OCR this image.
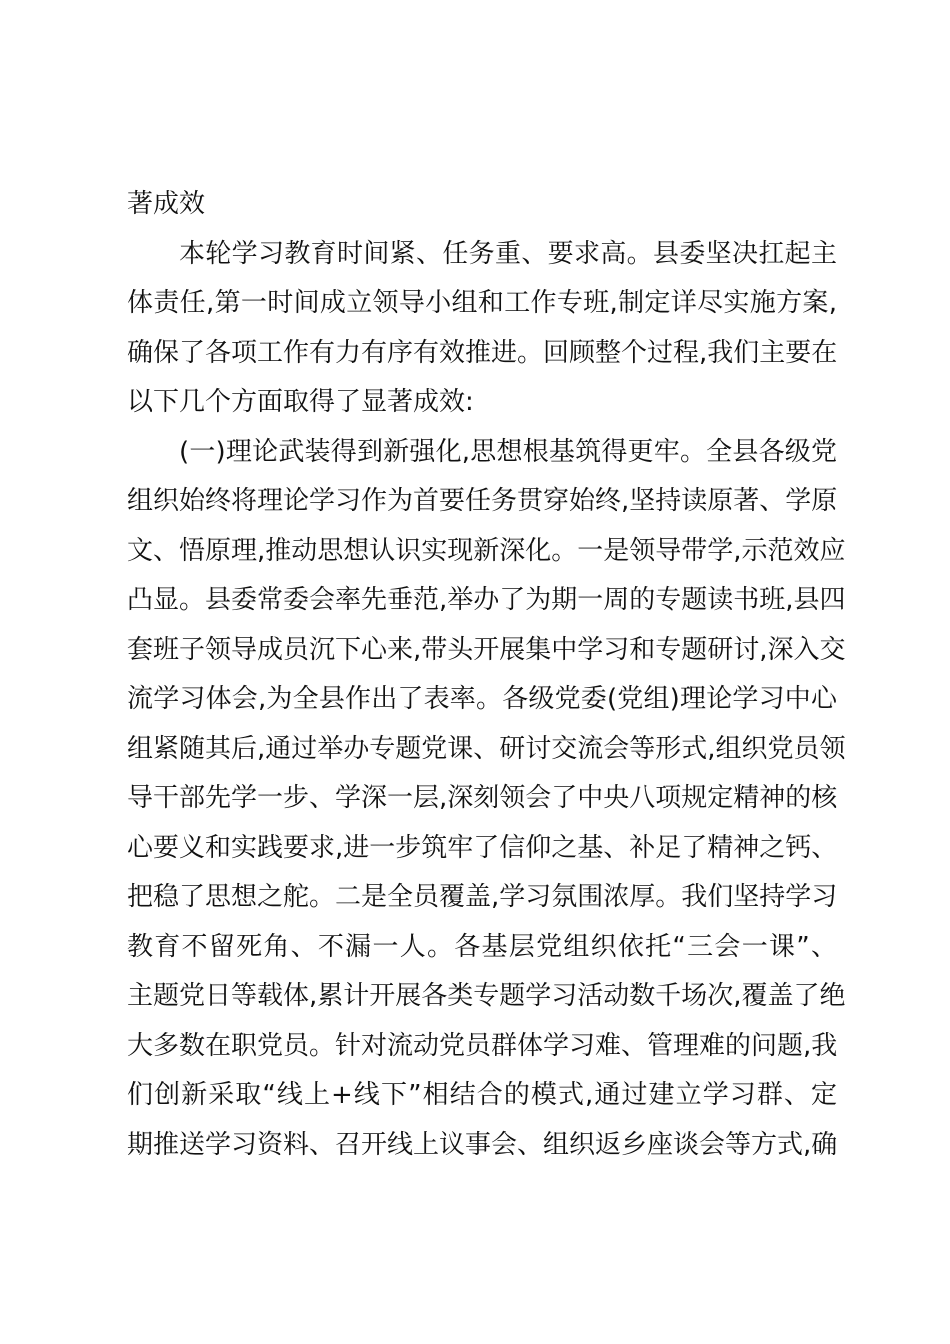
著成效
本轮学习教育时间紧、任务重、要求高。县委坚决扛起主
体责任,第一时间成立领导小组和工作专班,制定详尽实施方案,
确保了各项工作有力有序有效推进。回顾整个过程,我们主要在
以下几个方面取得了显著成效:
(一)理论武装得到新强化,思想根基筑得更牢。全县各级党
组织始终将理论学习作为首要任务贯穿始终,坚持读原著、学原
文、悟原理,推动思想认识实现新深化。一是领导带学,示范效应
凸显。县委常委会率先垂范,举办了为期一周的专题读书班,县四
套班子领导成员沉下心来,带头开展集中学习和专题研讨,深入交
流学习体会,为全县作出了表率。各级党委(党组)理论学习中心
组紧随其后,通过举办专题党课、研讨交流会等形式,组织党员领
导干部先学一步、学深一层,深刻领会了中央八项规定精神的核
心要义和实践要求,进一步筑牢了信仰之基、补足了精神之钙、
把稳了思想之舵。二是全员覆盖,学习氛围浓厚。我们坚持学习
教育不留死角、不漏一人。各基层党组织依托“三会一课”、
主题党日等载体,累计开展各类专题学习活动数千场次,覆盖了绝
大多数在职党员。针对流动党员群体学习难、管理难的问题,我
们创新采取“线上+线下”相结合的模式,通过建立学习群、定
期推送学习资料、召开线上议事会、组织返乡座谈会等方式,确
